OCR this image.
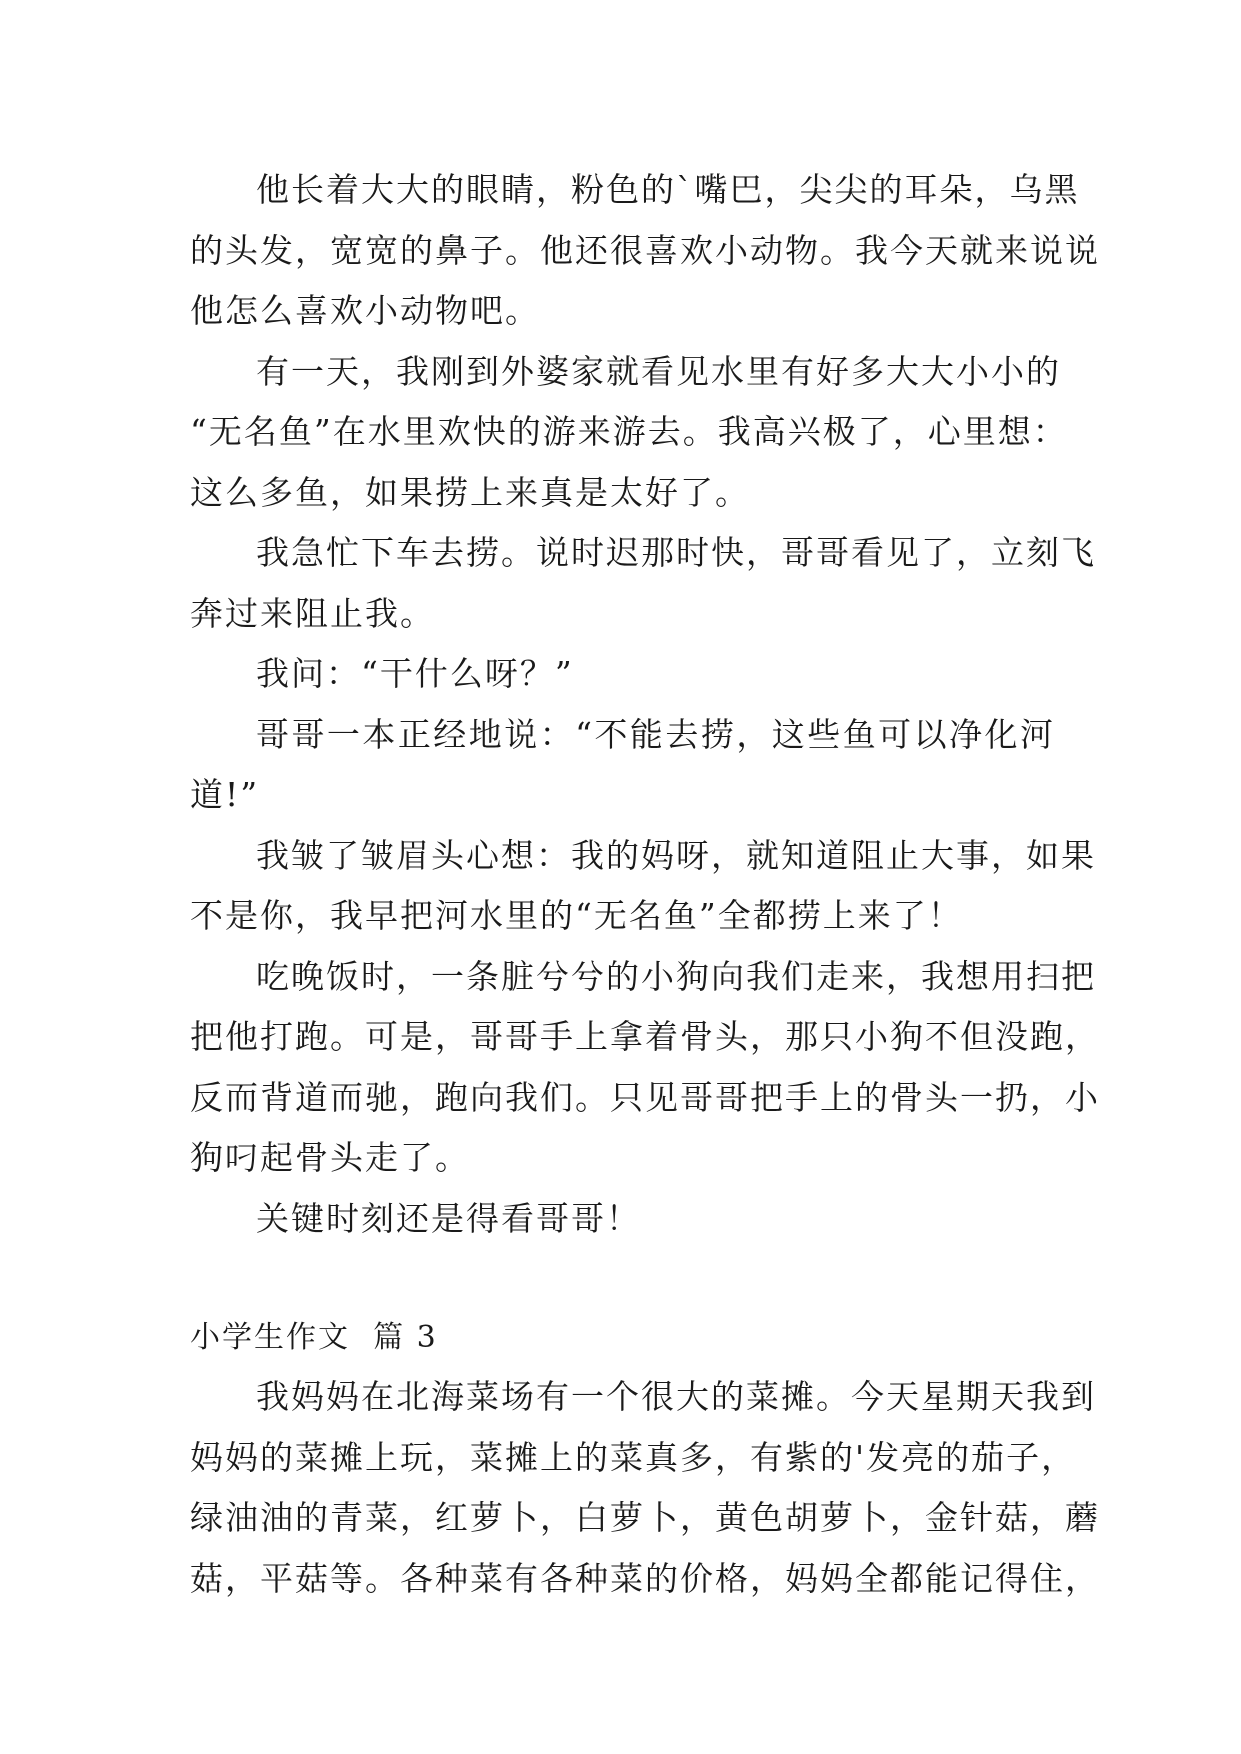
他长着大大的眼睛，粉色的`嘴巴，尖尖的耳朵，乌黑
的头发，宽宽的鼻子。他还很喜欢小动物。我今天就来说说
他怎么喜欢小动物吧。
有一天，我刚到外婆家就看见水里有好多大大小小的
“无名鱼”在水里欢快的游来游去。我高兴极了，心里想：
这么多鱼，如果捞上来真是太好了。
我急忙下车去捞。说时迟那时快，哥哥看见了，立刻飞
奔过来阻止我。
我问：“干什么呀？”
哥哥一本正经地说：“不能去捞，这些鱼可以净化河
道!”
我皱了皱眉头心想：我的妈呀，就知道阻止大事，如果
不是你，我早把河水里的“无名鱼”全都捞上来了！
吃晚饭时，一条脏兮兮的小狗向我们走来，我想用扫把
把他打跑。可是，哥哥手上拿着骨头，那只小狗不但没跑，
反而背道而驰，跑向我们。只见哥哥把手上的骨头一扔，小
狗叼起骨头走了。
关键时刻还是得看哥哥！
小学生作文  篇 3
我妈妈在北海菜场有一个很大的菜摊。今天星期天我到
妈妈的菜摊上玩，菜摊上的菜真多，有紫的'发亮的茄子，
绿油油的青菜，红萝卜，白萝卜，黄色胡萝卜，金针菇，蘑
菇，平菇等。各种菜有各种菜的价格，妈妈全都能记得住，
